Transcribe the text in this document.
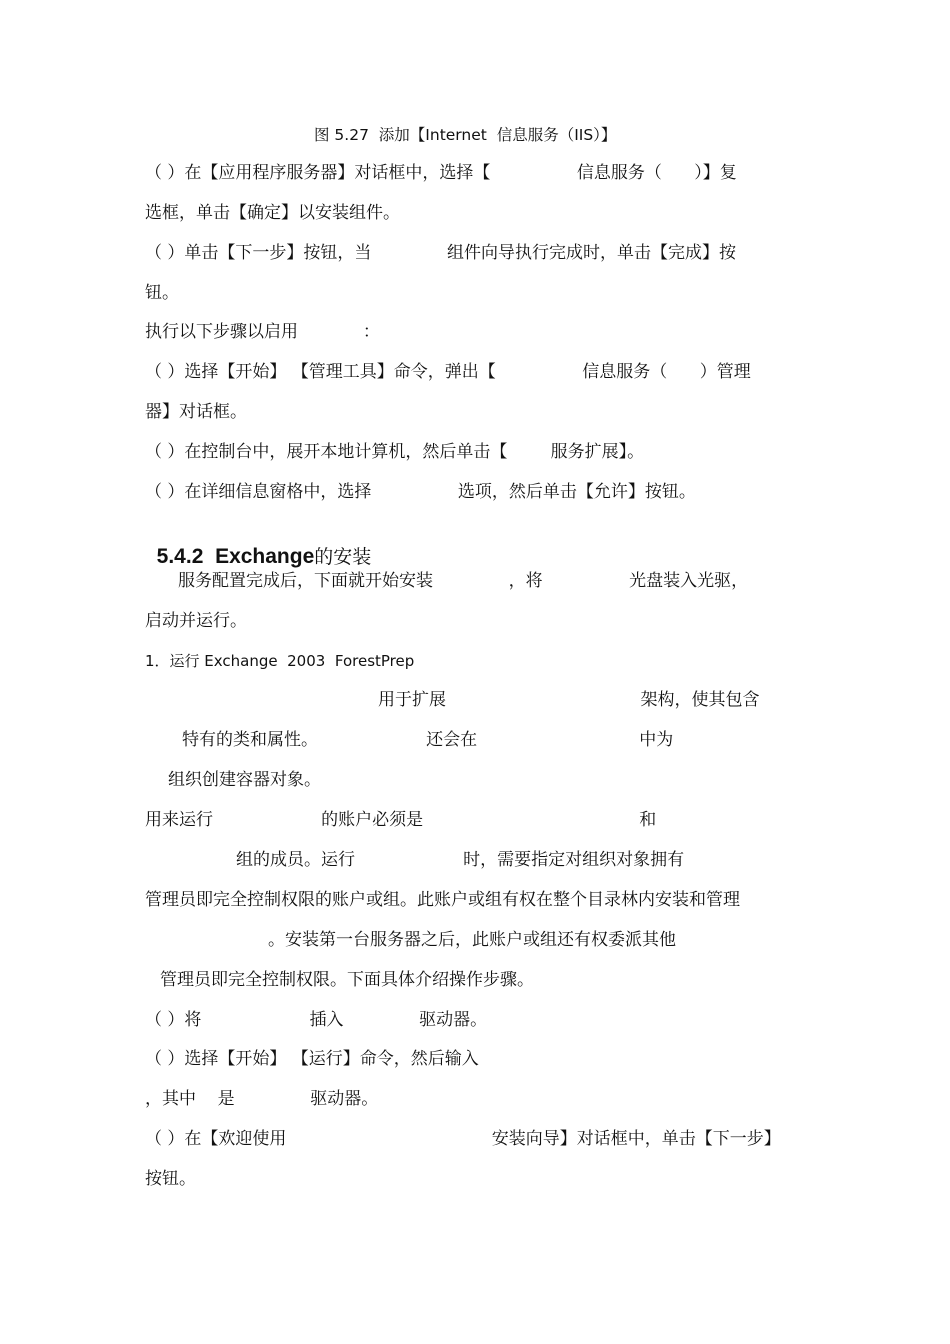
图 5.27  添加【Internet  信息服务（IIS）】
（ ）在【应用程序服务器】对话框中，选择【                信息服务（      ）】复
选框，单击【确定】以安装组件。
（ ）单击【下一步】按钮，当              组件向导执行完成时，单击【完成】按
钮。
执行以下步骤以启用            ：
（ ）选择【开始】 【管理工具】命令，弹出【                信息服务（      ）管理
器】对话框。
（ ）在控制台中，展开本地计算机，然后单击【        服务扩展】。
（ ）在详细信息窗格中，选择                选项，然后单击【允许】按钮。

5.4.2 Exchange的安装

服务配置完成后，下面就开始安装              ，将                光盘装入光驱，
启动并运行。
1．运行 Exchange  2003  ForestPrep
用于扩展                                    架构，使其包含
特有的类和属性。                    还会在                              中为
组织创建容器对象。
用来运行                    的账户必须是                                        和
组的成员。运行                    时，需要指定对组织对象拥有
管理员即完全控制权限的账户或组。此账户或组有权在整个目录林内安装和管理
。安装第一台服务器之后，此账户或组还有权委派其他
管理员即完全控制权限。下面具体介绍操作步骤。
（ ）将                    插入              驱动器。
（ ）选择【开始】 【运行】命令，然后输入
，其中    是              驱动器。
（ ）在【欢迎使用                                      安装向导】对话框中，单击【下一步】
按钮。
